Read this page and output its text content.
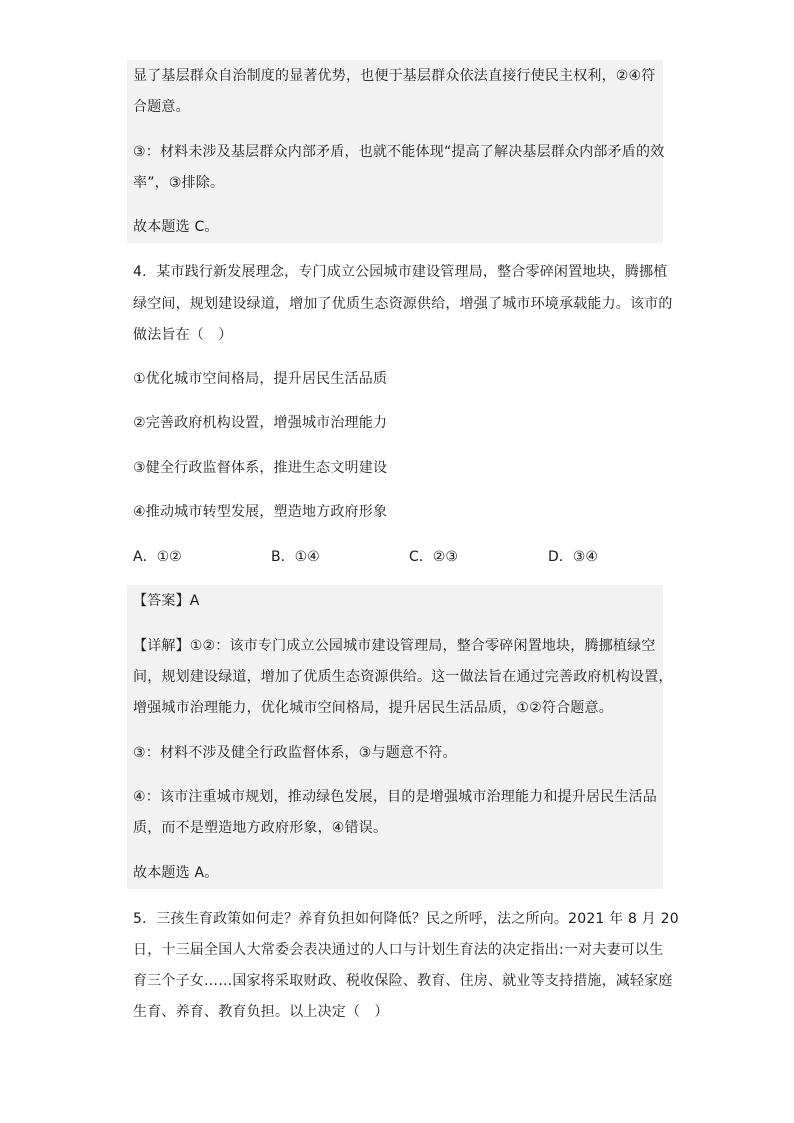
显了基层群众自治制度的显著优势，也便于基层群众依法直接行使民主权利，②④符
合题意。
③：材料未涉及基层群众内部矛盾，也就不能体现“提高了解决基层群众内部矛盾的效
率”，③排除。
故本题选 C。
4．某市践行新发展理念，专门成立公园城市建设管理局，整合零碎闲置地块，腾挪植
绿空间，规划建设绿道，增加了优质生态资源供给，增强了城市环境承载能力。该市的
做法旨在（　）
①优化城市空间格局，提升居民生活品质
②完善政府机构设置，增强城市治理能力
③健全行政监督体系，推进生态文明建设
④推动城市转型发展，塑造地方政府形象
A．①②	B．①④	C．②③	D．③④
【答案】A
【详解】①②：该市专门成立公园城市建设管理局，整合零碎闲置地块，腾挪植绿空
间，规划建设绿道，增加了优质生态资源供给。这一做法旨在通过完善政府机构设置，
增强城市治理能力，优化城市空间格局，提升居民生活品质，①②符合题意。
③：材料不涉及健全行政监督体系，③与题意不符。
④：该市注重城市规划，推动绿色发展，目的是增强城市治理能力和提升居民生活品
质，而不是塑造地方政府形象，④错误。
故本题选 A。
5．三孩生育政策如何走？养育负担如何降低？民之所呼，法之所向。2021 年 8 月 20
日，十三届全国人大常委会表决通过的人口与计划生育法的决定指出:一对夫妻可以生
育三个子女……国家将采取财政、税收保险、教育、住房、就业等支持措施，减轻家庭
生育、养育、教育负担。以上决定（　）
